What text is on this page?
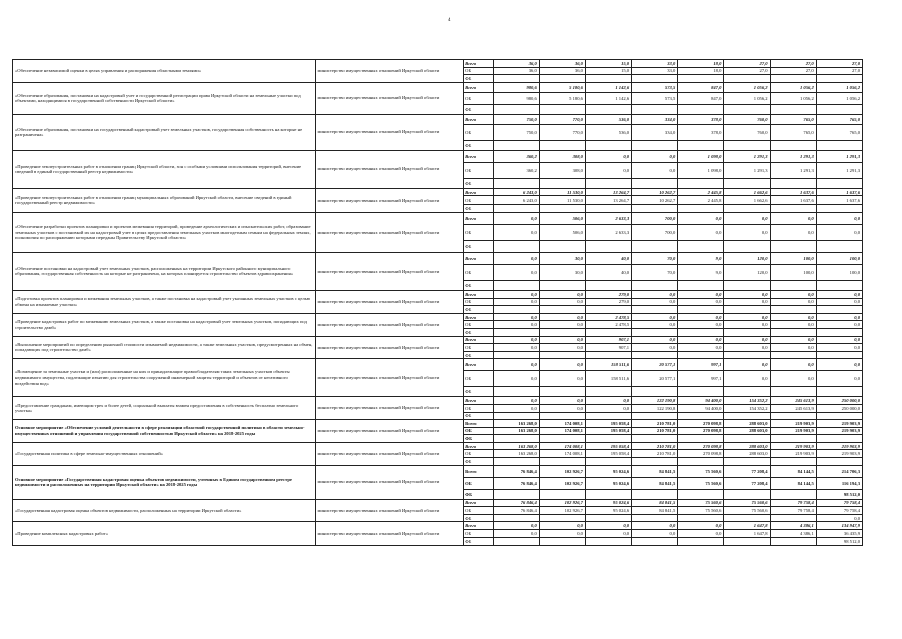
4
«Обеспечение независимой оценки в целях управления и распоряжения областными землями»	министерство имущественных отношений Иркутской области	Всего	36,0	36,0	15,0	33,0	18,0	27,0	27,0	27,0
		ОБ	36,0	36,0	15,0	33,0	18,0	27,0	27,0	27,0
		ФБ								
«Обеспечение образования, постановки на кадастровый учет и государственной регистрации права Иркутской области на земельные участки под объектами, находящимися в государственной собственности Иркутской области»	министерство имущественных отношений Иркутской области	Всего	980,6	5 180,6	1 142,6	573,5	847,0	1 056,2	1 056,2	1 056,2
		ОБ	980,6	5 180,6	1 142,6	573,5	847,0	1 056,2	1 056,2	1 056,2
		ФБ								
«Обеспечение образования, постановки на государственный кадастровый учет земельных участков, государственная собственность на которые не разграничена»	министерство имущественных отношений Иркутской области	Всего	750,0	770,0	536,0	334,0	378,0	760,0	765,0	765,0
		ОБ	750,0	770,0	536,0	334,0	378,0	760,0	765,0	765,0
		ФБ								
«Проведение землеустроительных работ в отношении границ Иркутской области, зон с особыми условиями использования территорий, внесение сведений в единый государственный реестр недвижимости»	министерство имущественных отношений Иркутской области	Всего	360,2	308,0	0,0	0,0	1 098,0	1 291,3	1 291,3	1 291,3
		ОБ	360,2	308,0	0,0	0,0	1 098,0	1 291,3	1 291,3	1 291,3
		ФБ								
«Проведение землеустроительных работ в отношении границ муниципальных образований Иркутской области, внесение сведений в единый государственный реестр недвижимости»	министерство имущественных отношений Иркутской области	Всего	6 243,0	11 530,0	13 264,7	10 262,7	2 445,8	1 662,6	1 637,6	1 637,6
		ОБ	6 243,0	11 530,0	13 264,7	10 262,7	2 445,8	1 662,6	1 637,6	1 637,6
		ФБ								
«Обеспечение разработки проектов планировки и проектов межевания территорий, проведение археологических и изыскательских работ, образование земельных участков с постановкой их на кадастровый учет в целях предоставления земельных участков многодетным семьям на федеральных землях, полномочия по распоряжению которыми переданы Правительству Иркутской области»	министерство имущественных отношений Иркутской области	Всего	0,0	506,0	2 633,3	700,0	0,0	0,0	0,0	0,0
		ОБ	0,0	506,0	2 633,3	700,0	0,0	0,0	0,0	0,0
		ФБ								
«Обеспечение постановки на кадастровый учет земельных участков, расположенных на территории Иркутского районного муниципального образования, государственная собственность на которые не разграничена, на которых планируется строительство объектов здравоохранения»	министерство имущественных отношений Иркутской области	Всего	0,0	30,0	40,0	70,0	9,0	120,0	100,0	100,0
		ОБ	0,0	30,0	40,0	70,0	9,0	120,0	100,0	100,0
		ФБ								
«Подготовка проектов планировки и межевания земельных участков, а также постановка на кадастровый учет указанных земельных участков с целью обмена на изымаемые участки»	министерство имущественных отношений Иркутской области	Всего	0,0	0,0	279,0	0,0	0,0	0,0	0,0	0,0
		ОБ	0,0	0,0	279,0	0,0	0,0	0,0	0,0	0,0
		ФБ								
«Проведение кадастровых работ по межеванию земельных участков, а также постановка на кадастровый учет земельных участков, попадающих под строительство дамб»	министерство имущественных отношений Иркутской области	Всего	0,0	0,0	2 478,5	0,0	0,0	0,0	0,0	0,0
		ОБ	0,0	0,0	2 478,5	0,0	0,0	0,0	0,0	0,0
		ФБ								
«Выполнение мероприятий по определению рыночной стоимости изымаемой недвижимости, а также земельных участков, предусмотренных на обмен, попадающих под строительство дамб»	министерство имущественных отношений Иркутской области	Всего	0,0	0,0	907,1	0,0	0,0	0,0	0,0	0,0
		ОБ	0,0	0,0	907,1	0,0	0,0	0,0	0,0	0,0
		ФБ								
«Возмещение за земельные участки и (или) расположенные на них и принадлежащие правообладателям таких земельных участков объекты недвижимого имущества, подлежащие изъятию для строительства сооружений инженерной защиты территорий и объектов от негативного воздействия вод»	министерство имущественных отношений Иркутской области	Всего	0,0	0,0	158 511,6	20 577,1	997,1	0,0	0,0	0,0
		ОБ	0,0	0,0	158 511,6	20 577,1	997,1	0,0	0,0	0,0
		ФБ								
«Предоставление гражданам, имеющим трех и более детей, социальной выплаты взамен предоставления в собственность бесплатно земельного участка»	министерство имущественных отношений Иркутской области	Всего	0,0	0,0	0,0	122 190,8	94 400,0	154 352,2	245 613,9	250 000,0
		ОБ	0,0	0,0	0,0	122 190,8	94 400,0	154 352,2	245 613,9	250 000,0
		ФБ								
Основное мероприятие «Обеспечение условий деятельности в сфере реализации областной государственной политики в области земельно-имущественных отношений и управления государственной собственностью Иркутской области» на 2018-2025 годы	министерство имущественных отношений Иркутской области	Всего	163 268,0	174 008,1	195 058,4	210 781,0	270 098,8	288 603,0	219 903,9	219 903,9
		ОБ	163 268,0	174 008,1	195 058,4	210 781,0	270 098,8	288 603,0	219 903,9	219 903,9
		ФБ								
«Государственная политика в сфере земельно-имущественных отношений»	министерство имущественных отношений Иркутской области	Всего	163 268,0	174 008,1	195 058,4	210 781,0	270 098,8	288 603,0	219 903,9	219 903,9
		ОБ	163 268,0	174 008,1	195 058,4	210 781,0	270 098,8	288 603,0	219 903,9	219 903,9
		ФБ								
Основное мероприятие «Государственная кадастровая оценка объектов недвижимости, учтенных в Едином государственном реестре недвижимости и расположенных на территории Иркутской области» на 2018-2025 годы	министерство имущественных отношений Иркутской области	Всего	76 846,4	102 926,7	95 024,6	84 841,5	75 560,6	77 208,4	84 144,5	214 706,3
		ОБ	76 846,4	102 926,7	95 024,6	84 841,5	75 560,6	77 208,4	84 144,5	116 194,3
		ФБ								98 512,0
«Государственная кадастровая оценка объектов недвижимости, расположенных на территории Иркутской области»	министерство имущественных отношений Иркутской области	Всего	76 846,4	102 926,7	95 024,6	84 841,5	75 560,6	75 560,6	79 758,4	79 758,4
		ОБ	76 846,4	102 926,7	95 024,6	84 841,5	75 560,6	75 560,6	79 758,4	79 758,4
		ФБ								0,0
«Проведение комплексных кадастровых работ»	министерство имущественных отношений Иркутской области	Всего	0,0	0,0	0,0	0,0	0,0	1 647,8	4 386,1	134 947,9
		ОБ	0,0	0,0	0,0	0,0	0,0	1 647,8	4 386,1	36 435,9
		ФБ								98 512,0
